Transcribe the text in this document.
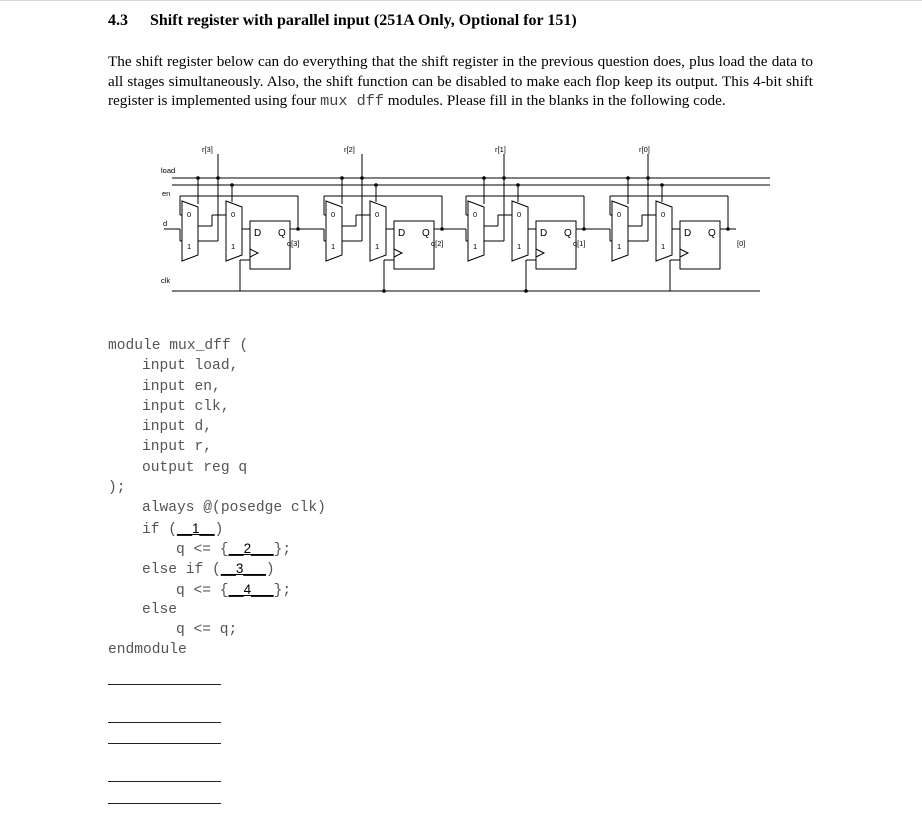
4.3 Shift register with parallel input (251A Only, Optional for 151)
The shift register below can do everything that the shift register in the previous question does, plus load the data to all stages simultaneously. Also, the shift function can be disabled to make each flop keep its output. This 4-bit shift register is implemented using four mux dff modules. Please fill in the blanks in the following code.
0
1
D	Q
load
en
d
clk
r[3]
q[3]
r[2]
q[2]
r[1]
q[1]
r[0]
[0]
module mux_dff (
input load,
input en,
input clk,
input d,
input r,
output reg q
);
always @(posedge clk)
if (__1__)
q <= {__2___};
else if (__3___)
q <= {__4___};
else
q <= q;
endmodule
